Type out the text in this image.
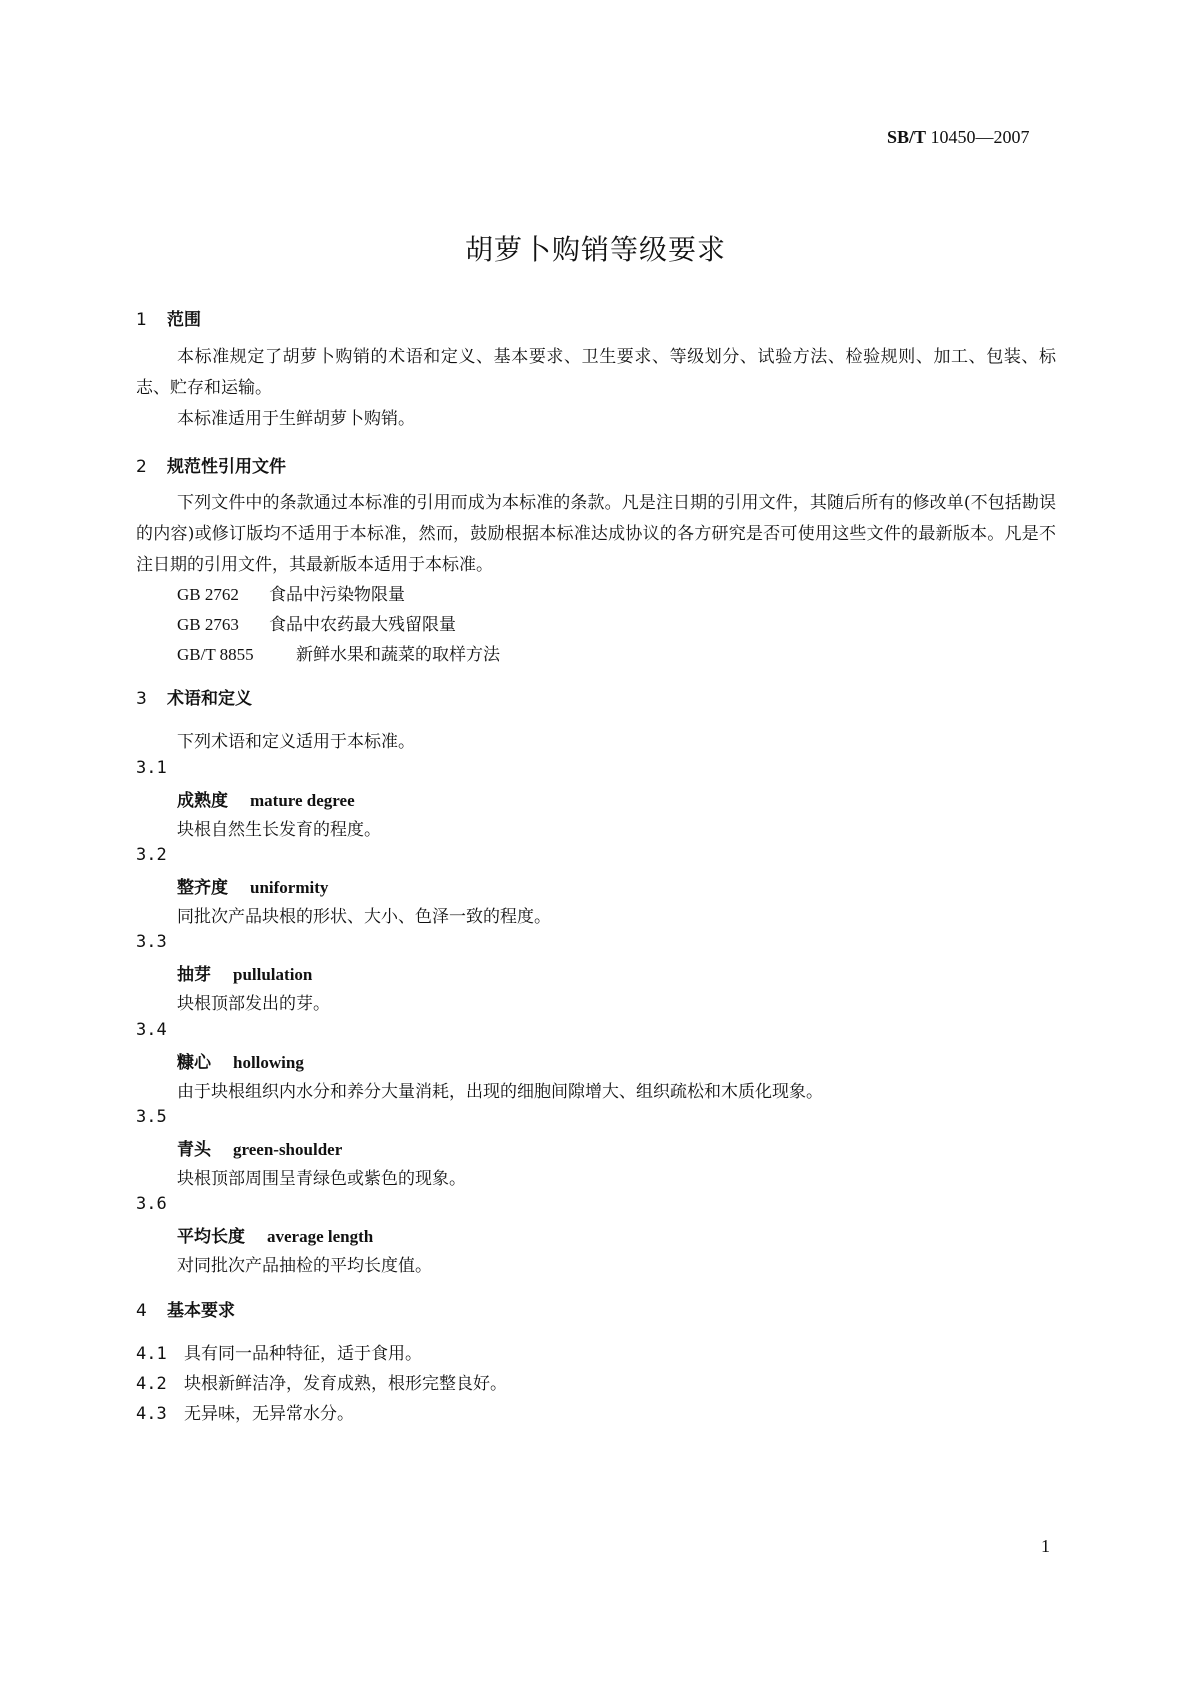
SB/T 10450—2007
胡萝卜购销等级要求
1 范围

本标准规定了胡萝卜购销的术语和定义、基本要求、卫生要求、等级划分、试验方法、检验规则、加工、包装、标志、贮存和运输。

本标准适用于生鲜胡萝卜购销。

2 规范性引用文件

下列文件中的条款通过本标准的引用而成为本标准的条款。凡是注日期的引用文件，其随后所有的修改单(不包括勘误的内容)或修订版均不适用于本标准，然而，鼓励根据本标准达成协议的各方研究是否可使用这些文件的最新版本。凡是不注日期的引用文件，其最新版本适用于本标准。

GB 2762 食品中污染物限量
GB 2763 食品中农药最大残留限量
GB/T 8855 新鲜水果和蔬菜的取样方法
3 术语和定义
下列术语和定义适用于本标准。
3.1
成熟度 mature degree
块根自然生长发育的程度。
3.2
整齐度 uniformity
同批次产品块根的形状、大小、色泽一致的程度。
3.3
抽芽 pullulation
块根顶部发出的芽。
3.4
糠心 hollowing
由于块根组织内水分和养分大量消耗，出现的细胞间隙增大、组织疏松和木质化现象。
3.5
青头 green-shoulder
块根顶部周围呈青绿色或紫色的现象。
3.6
平均长度 average length
对同批次产品抽检的平均长度值。
4 基本要求
4.1 具有同一品种特征，适于食用。
4.2 块根新鲜洁净，发育成熟，根形完整良好。
4.3 无异味，无异常水分。
1
